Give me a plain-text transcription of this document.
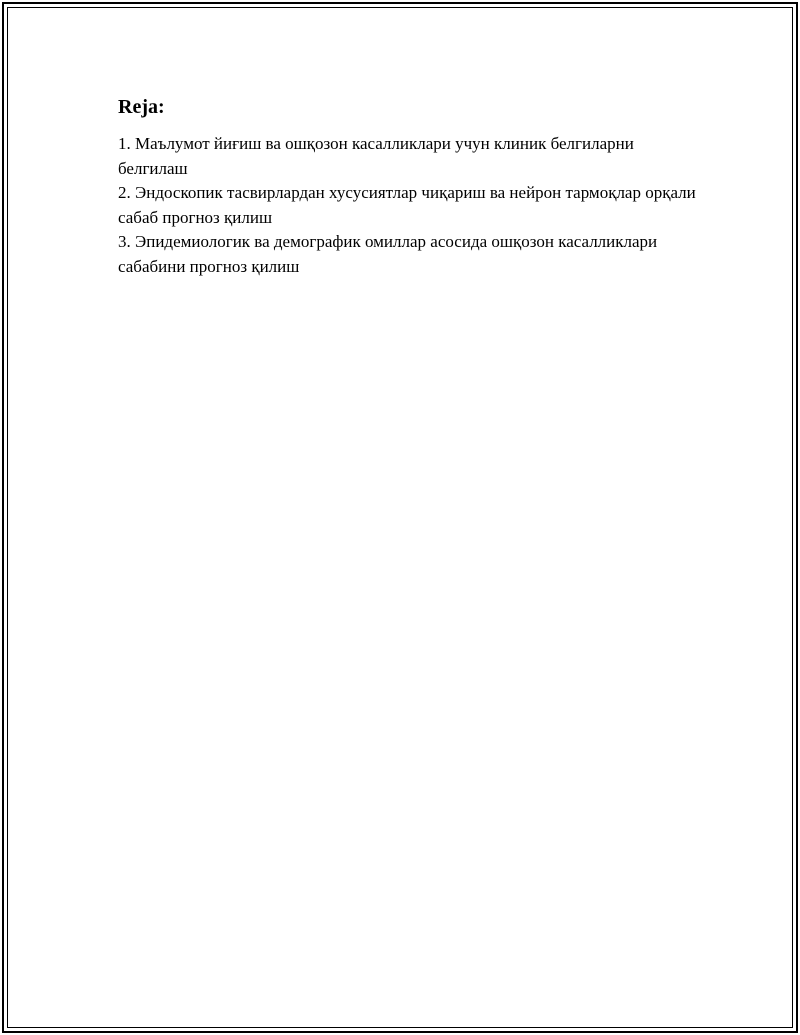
Reja:
1. Маълумот йиғиш ва ошқозон касалликлари учун клиник белгиларни белгилаш
2. Эндоскопик тасвирлардан хусусиятлар чиқариш ва нейрон тармоқлар орқали сабаб прогноз қилиш
3. Эпидемиологик ва демографик омиллар асосида ошқозон касалликлари сабабини прогноз қилиш
